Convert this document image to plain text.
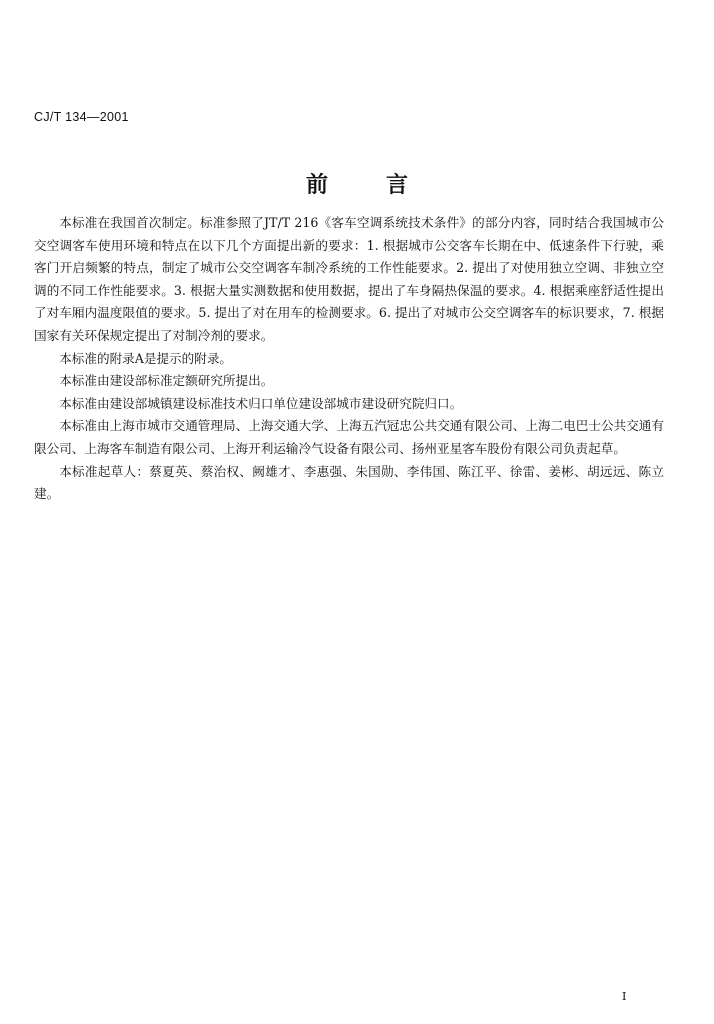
CJ/T 134—2001
前言

本标准在我国首次制定。标准参照了JT/T 216《客车空调系统技术条件》的部分内容，同时结合我国城市公交空调客车使用环境和特点在以下几个方面提出新的要求：1. 根据城市公交客车长期在中、低速条件下行驶，乘客门开启频繁的特点，制定了城市公交空调客车制冷系统的工作性能要求。2. 提出了对使用独立空调、非独立空调的不同工作性能要求。3. 根据大量实测数据和使用数据，提出了车身隔热保温的要求。4. 根据乘座舒适性提出了对车厢内温度限值的要求。5. 提出了对在用车的检测要求。6. 提出了对城市公交空调客车的标识要求，7. 根据国家有关环保规定提出了对制冷剂的要求。

本标准的附录A是提示的附录。

本标准由建设部标准定额研究所提出。

本标准由建设部城镇建设标准技术归口单位建设部城市建设研究院归口。

本标准由上海市城市交通管理局、上海交通大学、上海五汽冠忠公共交通有限公司、上海二电巴士公共交通有限公司、上海客车制造有限公司、上海开利运输冷气设备有限公司、扬州亚星客车股份有限公司负责起草。

本标准起草人：蔡夏英、蔡治权、阙雄才、李惠强、朱国勋、李伟国、陈江平、徐雷、姜彬、胡远远、陈立建。

I
